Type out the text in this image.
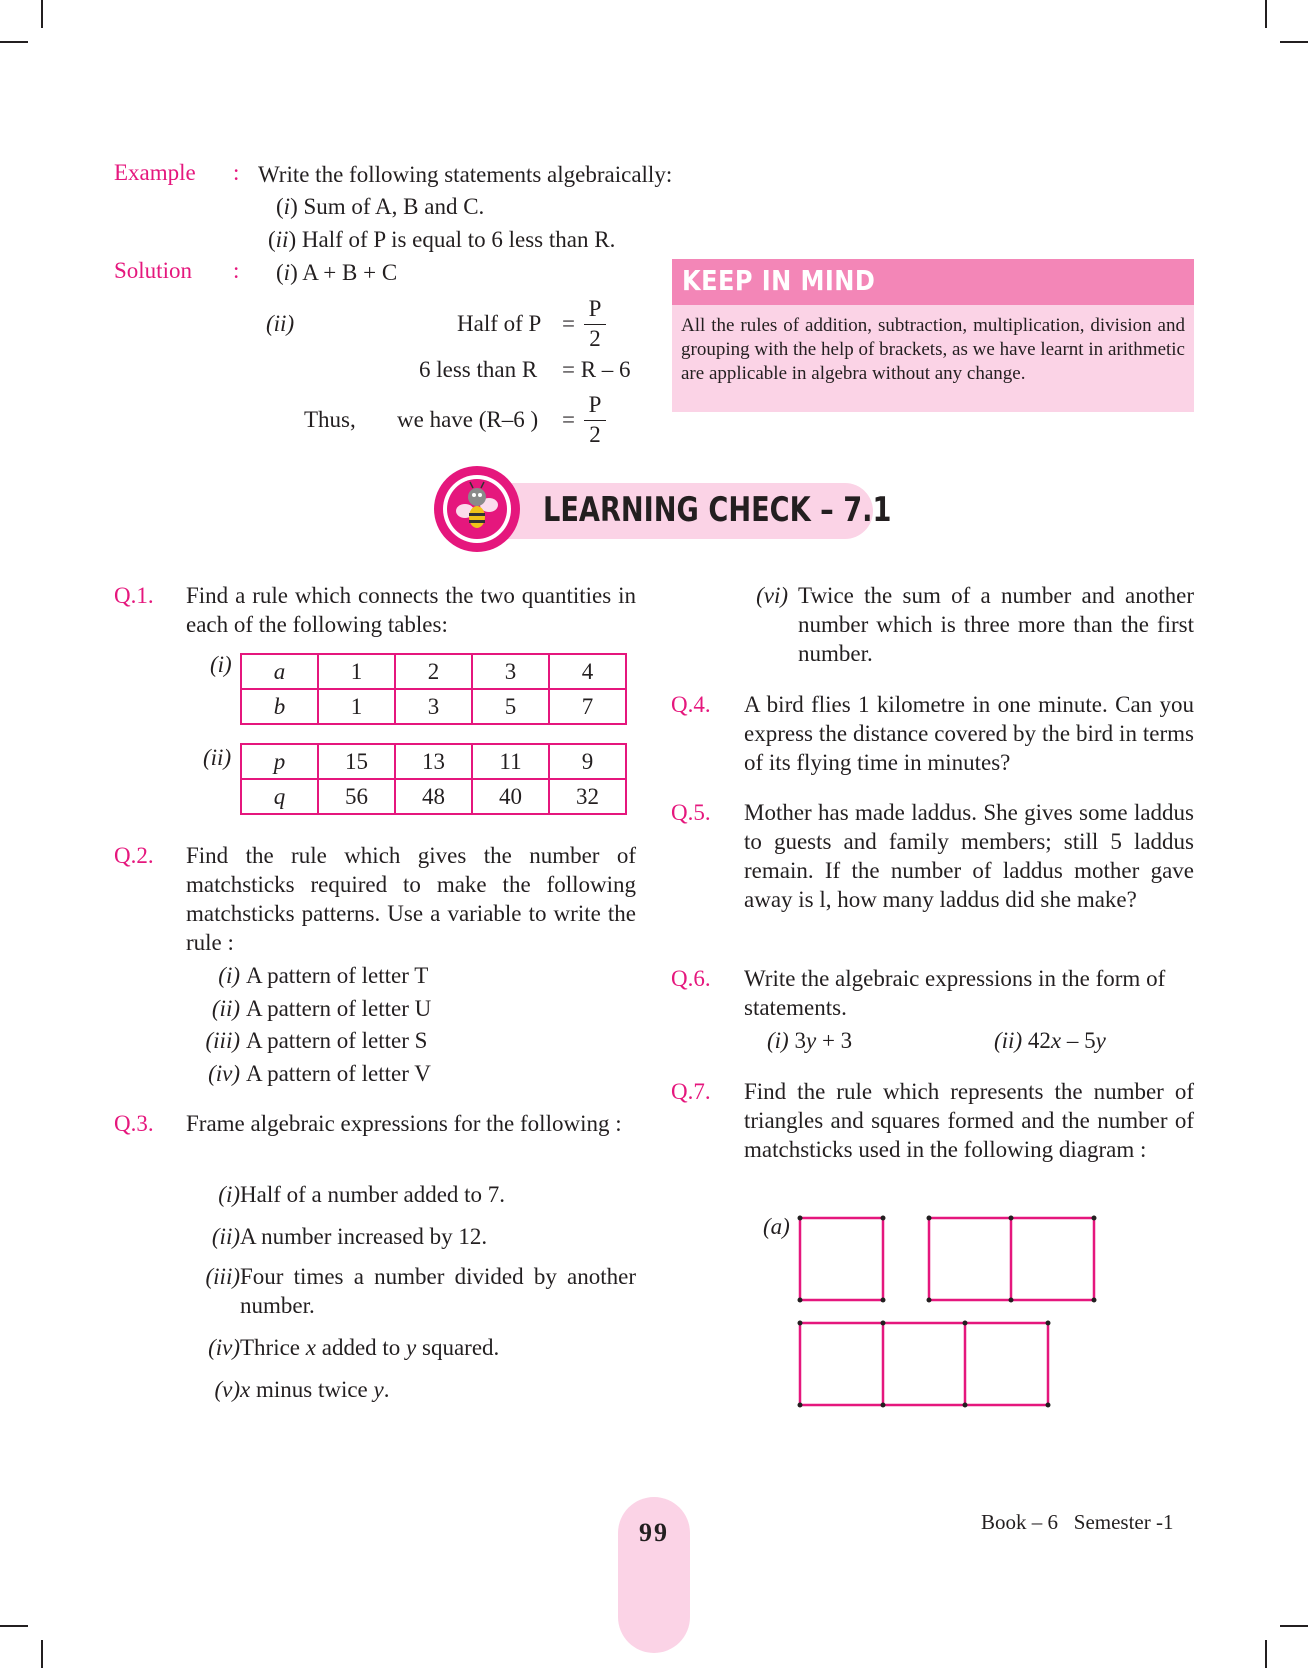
Example : Write the following statements algebraically:
(i) Sum of A, B and C.
(ii) Half of P is equal to 6 less than R.
Solution : (i) A + B + C
(ii)	Half of $P = \frac{P}{2}$
6 less than R = R – 6
Thus, we have (R–6 ) = $\frac{P}{2}$
KEEP IN MIND
All the rules of addition, subtraction, multiplication, division and grouping with the help of brackets, as we have learnt in arithmetic are applicable in algebra without any change.
LEARNING CHECK – 7.1
Q.1. Find a rule which connects the two quantities in each of the following tables:
(i) a	1	2	3	4
b	1	3	5	7
(ii) p	15	13	11	9
q	56	48	40	32
Q.2. Find the rule which gives the number of matchsticks required to make the following matchsticks patterns. Use a variable to write the rule :
(i) A pattern of letter T
(ii) A pattern of letter U
(iii) A pattern of letter S
(iv) A pattern of letter V
Q.3. Frame algebraic expressions for the following :
(i) Half of a number added to 7.
(ii) A number increased by 12.
(iii) Four times a number divided by another number.
(iv) Thrice x added to y squared.
(v) x minus twice y.
(vi) Twice the sum of a number and another number which is three more than the first number.
Q.4. A bird flies 1 kilometre in one minute. Can you express the distance covered by the bird in terms of its flying time in minutes?
Q.5. Mother has made laddus. She gives some laddus to guests and family members; still 5 laddus remain. If the number of laddus mother gave away is l, how many laddus did she make?
Q.6. Write the algebraic expressions in the form of statements.
(i) 3y + 3	(ii) 42x – 5y
Q.7. Find the rule which represents the number of triangles and squares formed and the number of matchsticks used in the following diagram :
(a)
99	Book – 6 Semester -1
